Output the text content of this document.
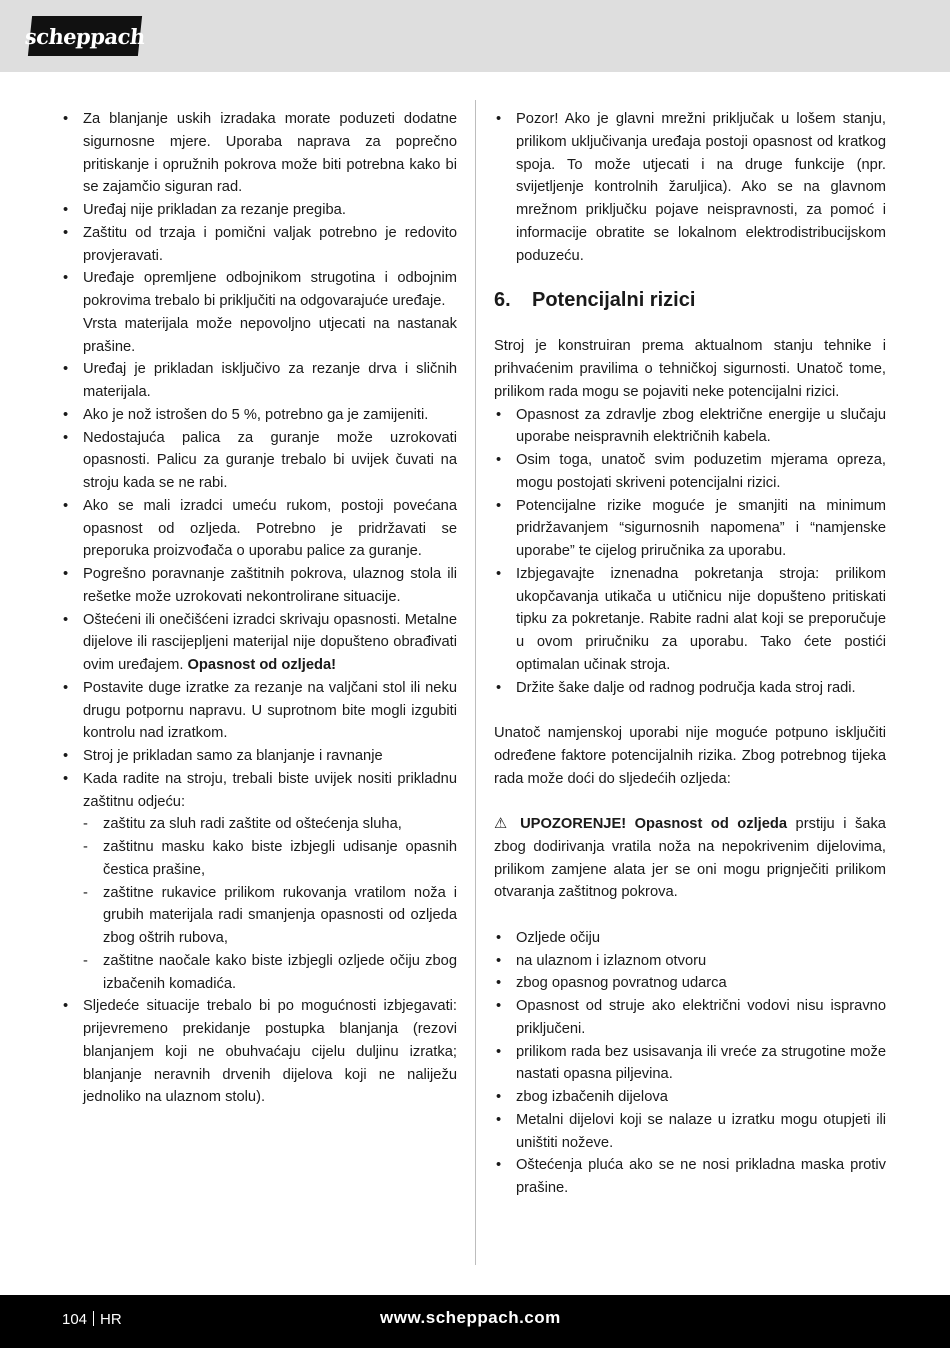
scheppach
• Za blanjanje uskih izradaka morate poduzeti dodatne sigurnosne mjere. Uporaba naprava za poprečno pritiskanje i opružnih pokrova može biti potrebna kako bi se zajamčio siguran rad.
• Uređaj nije prikladan za rezanje pregiba.
• Zaštitu od trzaja i pomični valjak potrebno je redovito provjeravati.
• Uređaje opremljene odbojnikom strugotina i odbojnim pokrovima trebalo bi priključiti na odgovarajuće uređaje.
Vrsta materijala može nepovoljno utjecati na nastanak prašine.
• Uređaj je prikladan isključivo za rezanje drva i sličnih materijala.
• Ako je nož istrošen do 5 %, potrebno ga je zamijeniti.
• Nedostajuća palica za guranje može uzrokovati opasnosti. Palicu za guranje trebalo bi uvijek čuvati na stroju kada se ne rabi.
• Ako se mali izradci umeću rukom, postoji povećana opasnost od ozljeda. Potrebno je pridržavati se preporuka proizvođača o uporabu palice za guranje.
• Pogrešno poravnanje zaštitnih pokrova, ulaznog stola ili rešetke može uzrokovati nekontrolirane situacije.
• Oštećeni ili onečišćeni izradci skrivaju opasnosti. Metalne dijelove ili rascijepljeni materijal nije dopušteno obrađivati ovim uređajem. Opasnost od ozljeda!
• Postavite duge izratke za rezanje na valjčani stol ili neku drugu potpornu napravu. U suprotnom bite mogli izgubiti kontrolu nad izratkom.
• Stroj je prikladan samo za blanjanje i ravnanje
• Kada radite na stroju, trebali biste uvijek nositi prikladnu zaštitnu odjeću:
- zaštitu za sluh radi zaštite od oštećenja sluha,
- zaštitnu masku kako biste izbjegli udisanje opasnih čestica prašine,
- zaštitne rukavice prilikom rukovanja vratilom noža i grubih materijala radi smanjenja opasnosti od ozljeda zbog oštrih rubova,
- zaštitne naočale kako biste izbjegli ozljede očiju zbog izbačenih komadića.
• Sljedeće situacije trebalo bi po mogućnosti izbjegavati: prijevremeno prekidanje postupka blanjanja (rezovi blanjanjem koji ne obuhvaćaju cijelu duljinu izratka; blanjanje neravnih drvenih dijelova koji ne naliježu jednoliko na ulaznom stolu).
• Pozor! Ako je glavni mrežni priključak u lošem stanju, prilikom uključivanja uređaja postoji opasnost od kratkog spoja. To može utjecati i na druge funkcije (npr. svijetljenje kontrolnih žaruljica). Ako se na glavnom mrežnom priključku pojave neispravnosti, za pomoć i informacije obratite se lokalnom elektrodistribucijskom poduzeću.
6. Potencijalni rizici

Stroj je konstruiran prema aktualnom stanju tehnike i prihvaćenim pravilima o tehničkoj sigurnosti. Unatoč tome, prilikom rada mogu se pojaviti neke potencijalni rizici.

• Opasnost za zdravlje zbog električne energije u slučaju uporabe neispravnih električnih kabela.
• Osim toga, unatoč svim poduzetim mjerama opreza, mogu postojati skriveni potencijalni rizici.
• Potencijalne rizike moguće je smanjiti na minimum pridržavanjem “sigurnosnih napomena” i “namjenske uporabe” te cijelog priručnika za uporabu.
• Izbjegavajte iznenadna pokretanja stroja: prilikom ukopčavanja utikača u utičnicu nije dopušteno pritiskati tipku za pokretanje. Rabite radni alat koji se preporučuje u ovom priručniku za uporabu. Tako ćete postići optimalan učinak stroja.
• Držite šake dalje od radnog područja kada stroj radi.

Unatoč namjenskoj uporabi nije moguće potpuno isključiti određene faktore potencijalnih rizika. Zbog potrebnog tijeka rada može doći do sljedećih ozljeda:

⚠ UPOZORENJE! Opasnost od ozljeda prstiju i šaka zbog dodirivanja vratila noža na nepokrivenim dijelovima, prilikom zamjene alata jer se oni mogu prignječiti prilikom otvaranja zaštitnog pokrova.

• Ozljede očiju
• na ulaznom i izlaznom otvoru
• zbog opasnog povratnog udarca
• Opasnost od struje ako električni vodovi nisu ispravno priključeni.
• prilikom rada bez usisavanja ili vreće za strugotine može nastati opasna piljevina.
• zbog izbačenih dijelova
• Metalni dijelovi koji se nalaze u izratku mogu otupjeti ili uništiti noževe.
• Oštećenja pluća ako se ne nosi prikladna maska protiv prašine.
104 HR	www.scheppach.com
